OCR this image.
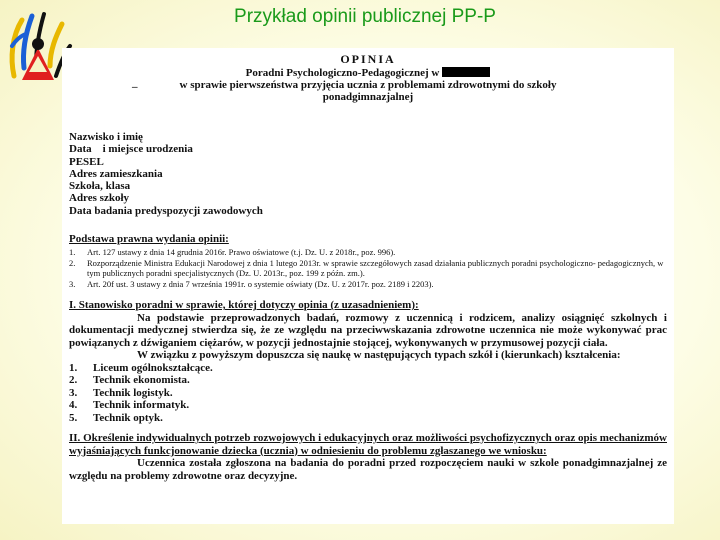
Przykład opinii publicznej PP-P
OPINIA
Poradni Psychologiczno-Pedagogicznej w
w sprawie pierwszeństwa przyjęcia ucznia z problemami zdrowotnymi do szkoły
ponadgimnazjalnej
–
Nazwisko i imię
Data    i miejsce urodzenia
PESEL
Adres zamieszkania
Szkoła, klasa
Adres szkoły
Data badania predyspozycji zawodowych
Podstawa prawna wydania opinii:
1.	Art. 127 ustawy z dnia 14 grudnia 2016r. Prawo oświatowe (t.j. Dz. U. z 2018r., poz. 996).
2.	Rozporządzenie Ministra Edukacji Narodowej z dnia 1 lutego 2013r. w sprawie szczegółowych zasad działania publicznych poradni psychologiczno- pedagogicznych, w tym publicznych poradni specjalistycznych (Dz. U. 2013r., poz. 199 z późn. zm.).
3.	Art. 20f ust. 3 ustawy z dnia 7 września 1991r. o systemie oświaty (Dz. U. z 2017r. poz. 2189 i 2203).
I. Stanowisko poradni w sprawie, której dotyczy opinia (z uzasadnieniem):
Na podstawie przeprowadzonych badań, rozmowy z uczennicą i rodzicem, analizy osiągnięć szkolnych i dokumentacji medycznej stwierdza się, że ze względu na przeciwwskazania zdrowotne uczennica nie może wykonywać prac powiązanych z dźwiganiem ciężarów, w pozycji jednostajnie stojącej, wykonywanych w przymusowej pozycji ciała.
W związku z powyższym dopuszcza się naukę w następujących typach szkół i (kierunkach) kształcenia:
1.	Liceum ogólnokształcące.
2.	Technik ekonomista.
3.	Technik logistyk.
4.	Technik informatyk.
5.	Technik optyk.
II. Określenie indywidualnych potrzeb rozwojowych i edukacyjnych oraz możliwości psychofizycznych oraz opis mechanizmów wyjaśniających funkcjonowanie dziecka (ucznia) w odniesieniu do problemu zgłaszanego we wniosku:
Uczennica została zgłoszona na badania do poradni przed rozpoczęciem nauki w szkole ponadgimnazjalnej ze względu na problemy zdrowotne oraz decyzyjne.
